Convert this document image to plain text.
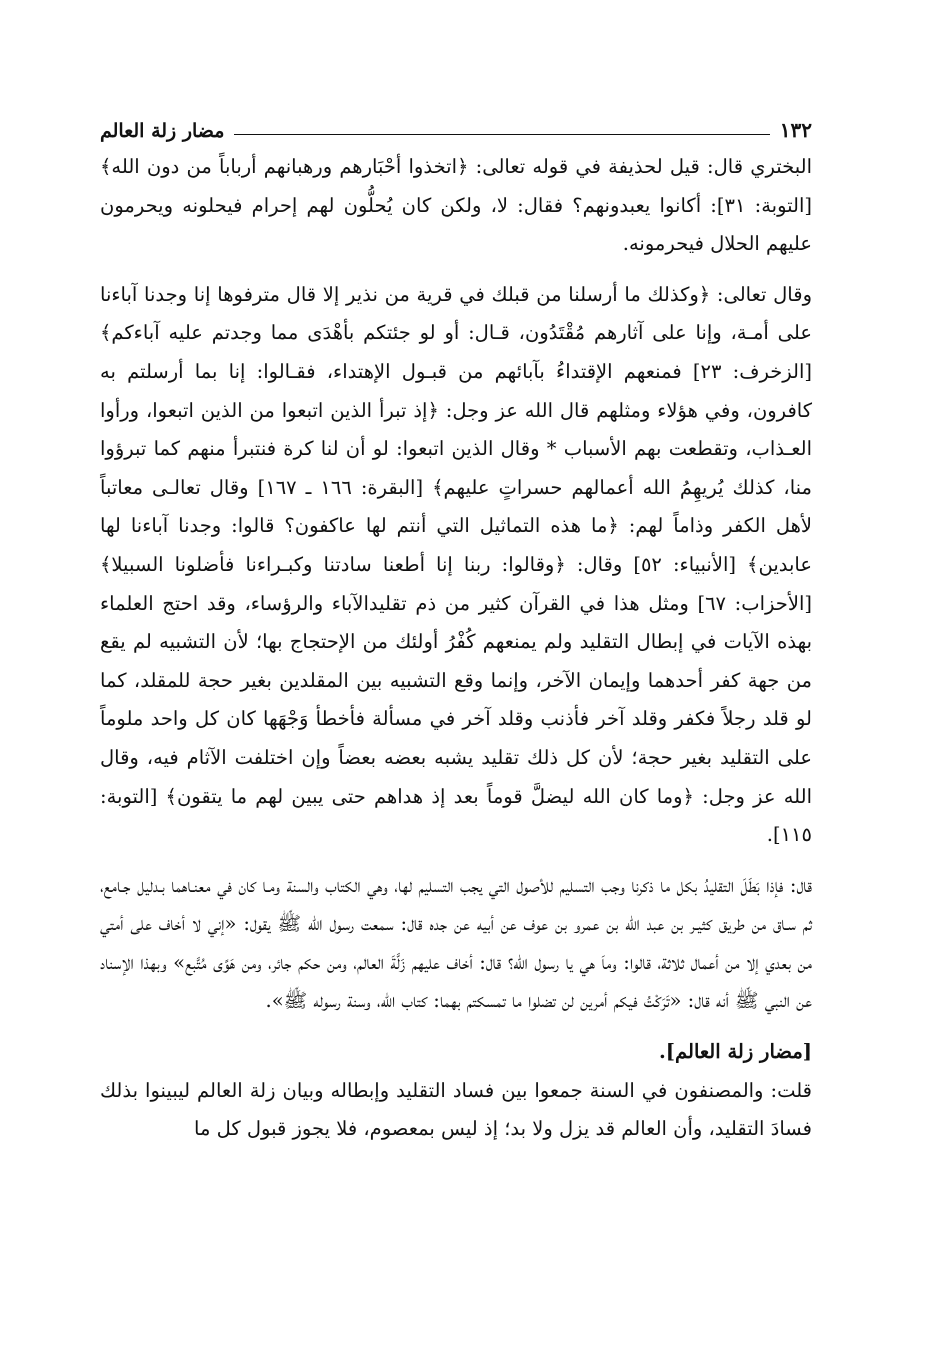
١٣٢
مضار زلة العالم

البختري قال: قيل لحذيفة في قوله تعالى: ﴿اتخذوا أحْبَارهم ورهبانهم أرباباً من دون الله﴾ [التوبة: ٣١]: أكانوا يعبدونهم؟ فقال: لا، ولكن كان يُحلُّون لهم إحرام فيحلونه ويحرمون عليهم الحلال فيحرمونه.

وقال تعالى: ﴿وكذلك ما أرسلنا من قبلك في قرية من نذير إلا قال مترفوها إنا وجدنا آباءنا على أمـة، وإنا على آثارهم مُقْتَدُون، قـال: أو لو جئتكم بأهْدَى مما وجدتم عليه آباءكم﴾ [الزخرف: ٢٣] فمنعهم الإقتداءُ بآبائهم من قبـول الإهتداء، فقـالوا: إنا بما أرسلتم به كافرون، وفي هؤلاء ومثلهم قال الله عز وجل: ﴿إذ تبرأ الذين اتبعوا من الذين اتبعوا، ورأوا العـذاب، وتقطعت بهم الأسباب * وقال الذين اتبعوا: لو أن لنا كرة فنتبرأ منهم كما تبرؤوا منا، كذلك يُريهِمُ الله أعمالهم حسراتٍ عليهم﴾ [البقرة: ١٦٦ ـ ١٦٧] وقال تعالـى معاتباً لأهل الكفر وذاماً لهم: ﴿ما هذه التماثيل التي أنتم لها عاكفون؟ قالوا: وجدنا آباءنا لها عابدين﴾ [الأنبياء: ٥٢] وقال: ﴿وقالوا: ربنا إنا أطعنا سادتنا وكبـراءنا فأضلونا السبيلا﴾ [الأحزاب: ٦٧] ومثل هذا في القرآن كثير من ذم تقليدالآباء والرؤساء، وقد احتج العلماء بهذه الآيات في إبطال التقليد ولم يمنعهم كُفْرُ أولئك من الإحتجاج بها؛ لأن التشبيه لم يقع من جهة كفر أحدهما وإيمان الآخر، وإنما وقع التشبيه بين المقلدين بغير حجة للمقلد، كما لو قلد رجلاً فكفر وقلد آخر فأذنب وقلد آخر في مسألة فأخطأ وَجْهَها كان كل واحد ملوماً على التقليد بغير حجة؛ لأن كل ذلك تقليد يشبه بعضه بعضاً وإن اختلفت الآثام فيه، وقال الله عز وجل: ﴿وما كان الله ليضلَّ قوماً بعد إذ هداهم حتى يبين لهم ما يتقون﴾ [التوبة: ١١٥].

قال: فإذا بَطَلَ التقليدُ بكل ما ذكرنا وجب التسليم للأصول التي يجب التسليم لها، وهي الكتاب والسنة ومـا كان في معنـاهما بـدليل جـامع، ثم سـاق من طريق كثيـر بن عبد الله بن عمرو بن عوف عن أبيه عن جده قال: سمعت رسول الله ﷺ يقول: «إني لا أخاف على أمتي من بعدي إلا من أعمال ثلاثة، قالوا: وماَ هي يا رسول الله؟ قال: أخاف عليهم زَلَّةَ العالم، ومن حكم جائر، ومن هَوًى مُتَّبع» وبهذا الإسناد عن النبي ﷺ أنه قال: «تَرَكْتُ فيكم أمرين لن تضلوا ما تمسكتم بهما: كتاب الله، وسنة رسوله ﷺ».

[مضار زلة العالم].

قلت: والمصنفون في السنة جمعوا بين فساد التقليد وإبطاله وبيان زلة العالم ليبينوا بذلك فسادَ التقليد، وأن العالم قد يزل ولا بد؛ إذ ليس بمعصوم، فلا يجوز قبول كل ما
